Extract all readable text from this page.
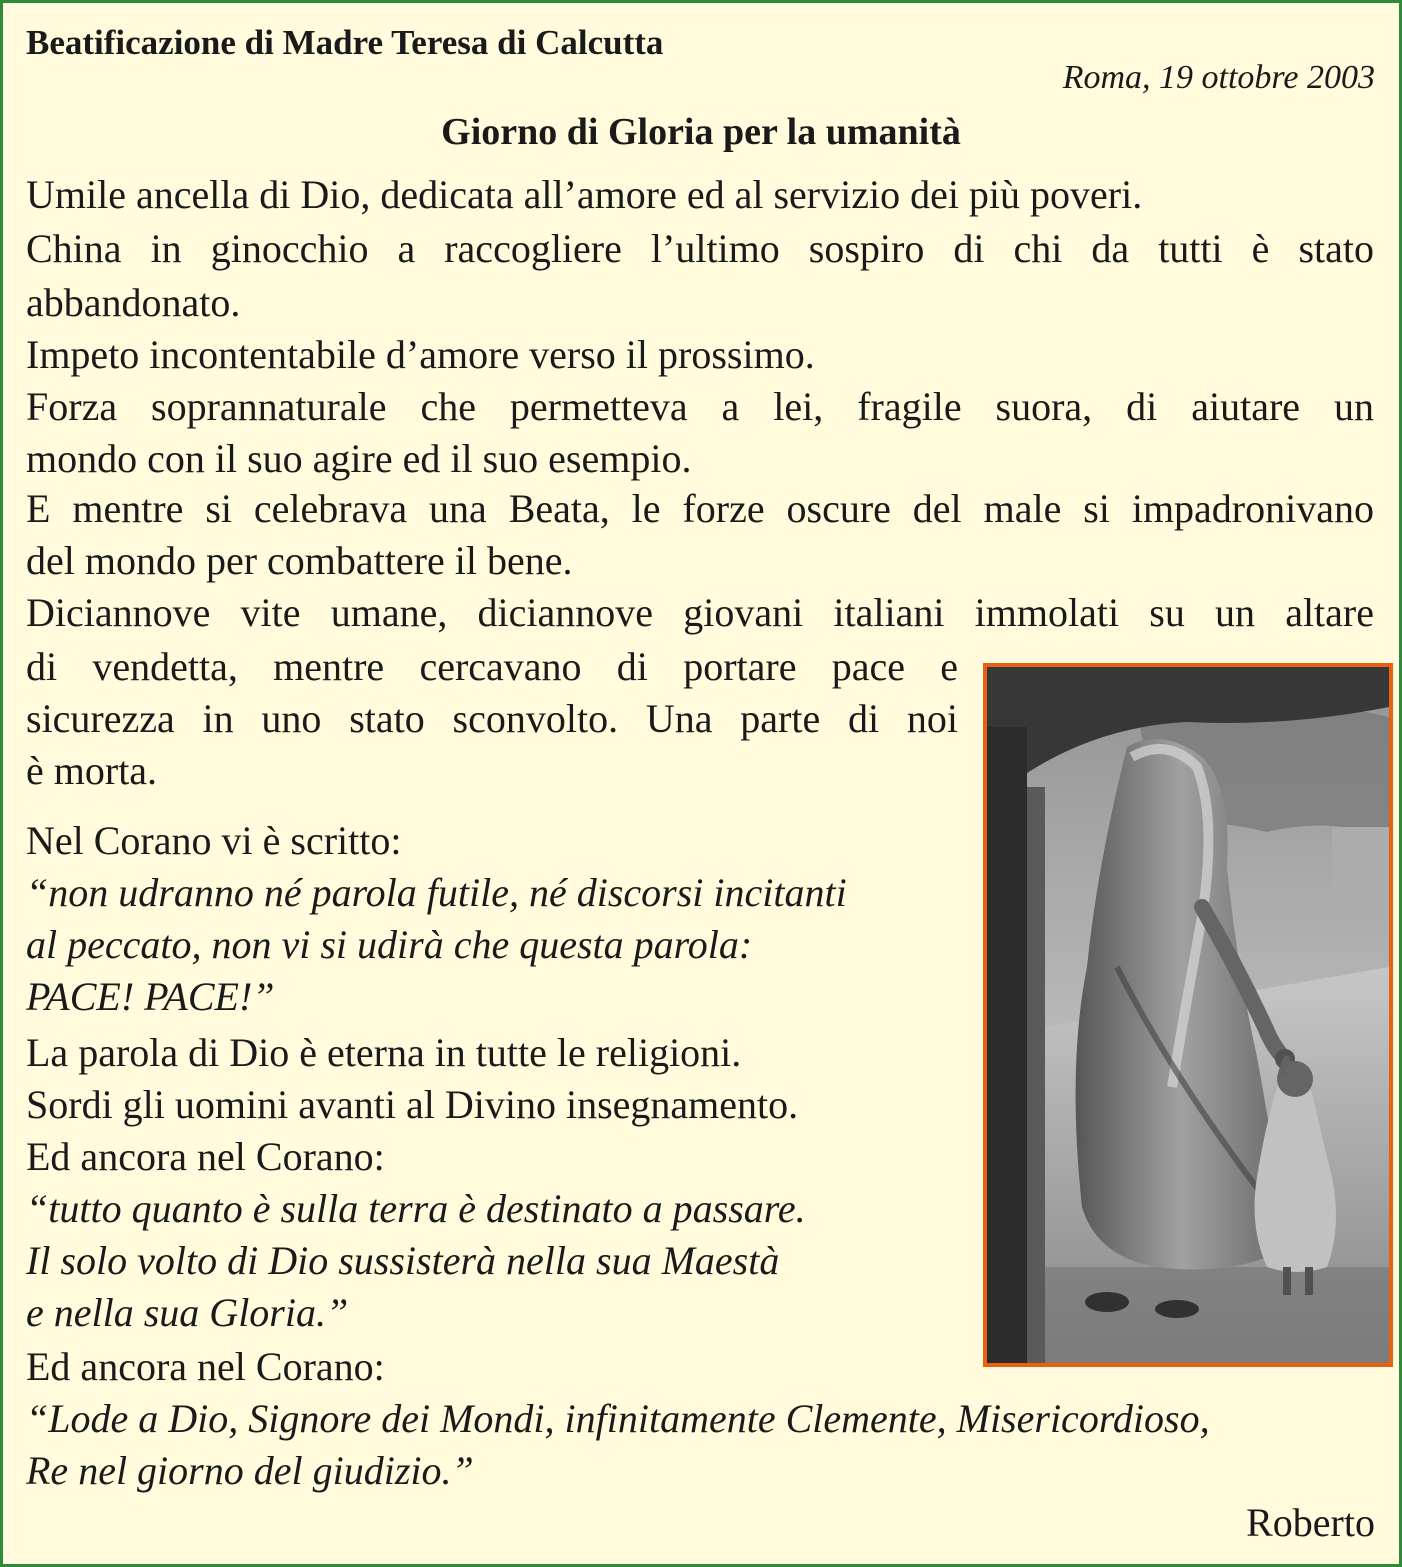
Beatificazione di Madre Teresa di Calcutta
Roma, 19 ottobre 2003
Giorno di Gloria per la umanità
Umile ancella di Dio, dedicata all’amore ed al servizio dei più poveri.
China in ginocchio a raccogliere l’ultimo sospiro di chi da tutti è stato
abbandonato.
Impeto incontentabile d’amore verso il prossimo.
Forza soprannaturale che permetteva a lei, fragile suora, di aiutare un
mondo con il suo agire ed il suo esempio.
E mentre si celebrava una Beata, le forze oscure del male si impadronivano
del mondo per combattere il bene.
Diciannove vite umane, diciannove giovani italiani immolati su un altare
di vendetta, mentre cercavano di portare pace e
sicurezza in uno stato sconvolto. Una parte di noi
è morta.
Nel Corano vi è scritto:
“non udranno né parola futile, né discorsi incitanti
al peccato, non vi si udirà che questa parola:
PACE! PACE!”
La parola di Dio è eterna in tutte le religioni.
Sordi gli uomini avanti al Divino insegnamento.
Ed ancora nel Corano:
“tutto quanto è sulla terra è destinato a passare.
Il solo volto di Dio sussisterà nella sua Maestà
e nella sua Gloria.”
Ed ancora nel Corano:
“Lode a Dio, Signore dei Mondi, infinitamente Clemente, Misericordioso,
Re nel giorno del giudizio.”
Roberto
